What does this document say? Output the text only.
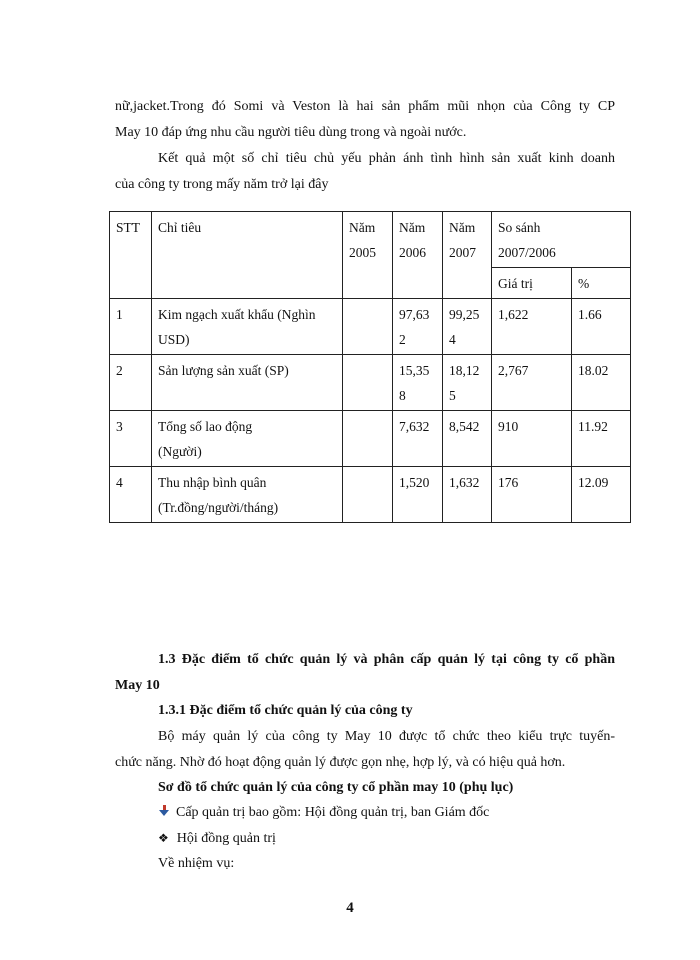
nữ,jacket.Trong đó Somi và Veston là hai sản phẩm mũi nhọn của Công ty CP
May 10 đáp ứng nhu cầu người tiêu dùng trong và ngoài nước.
Kết quả một số chỉ tiêu chủ yếu phản ánh tình hình sản xuất kinh doanh
của công ty trong mấy năm trở lại đây
STT	Chỉ tiêu	Năm 2005	Năm 2006	Năm 2007	So sánh 2007/2006	
					Giá trị	%
1	Kim ngạch xuất khẩu (Nghìn USD)		97,632	99,254	1,622	1.66
2	Sản lượng sản xuất (SP)		15,358	18,125	2,767	18.02
3	Tổng số lao động (Người)		7,632	8,542	910	11.92
4	Thu nhập bình quân (Tr.đồng/người/tháng)		1,520	1,632	176	12.09
1.3 Đặc điểm tổ chức quản lý và phân cấp quản lý tại công ty cổ phần
May 10
1.3.1 Đặc điểm tổ chức quản lý của công ty
Bộ máy quản lý của công ty May 10 được tổ chức theo kiểu trực tuyến-
chức năng. Nhờ đó hoạt động quản lý được gọn nhẹ, hợp lý, và có hiệu quả hơn.
Sơ đồ tổ chức quản lý của công ty cổ phần may 10 (phụ lục)
Cấp quản trị bao gồm: Hội đồng quản trị, ban Giám đốc
❖ Hội đồng quản trị
Về nhiệm vụ:
4
